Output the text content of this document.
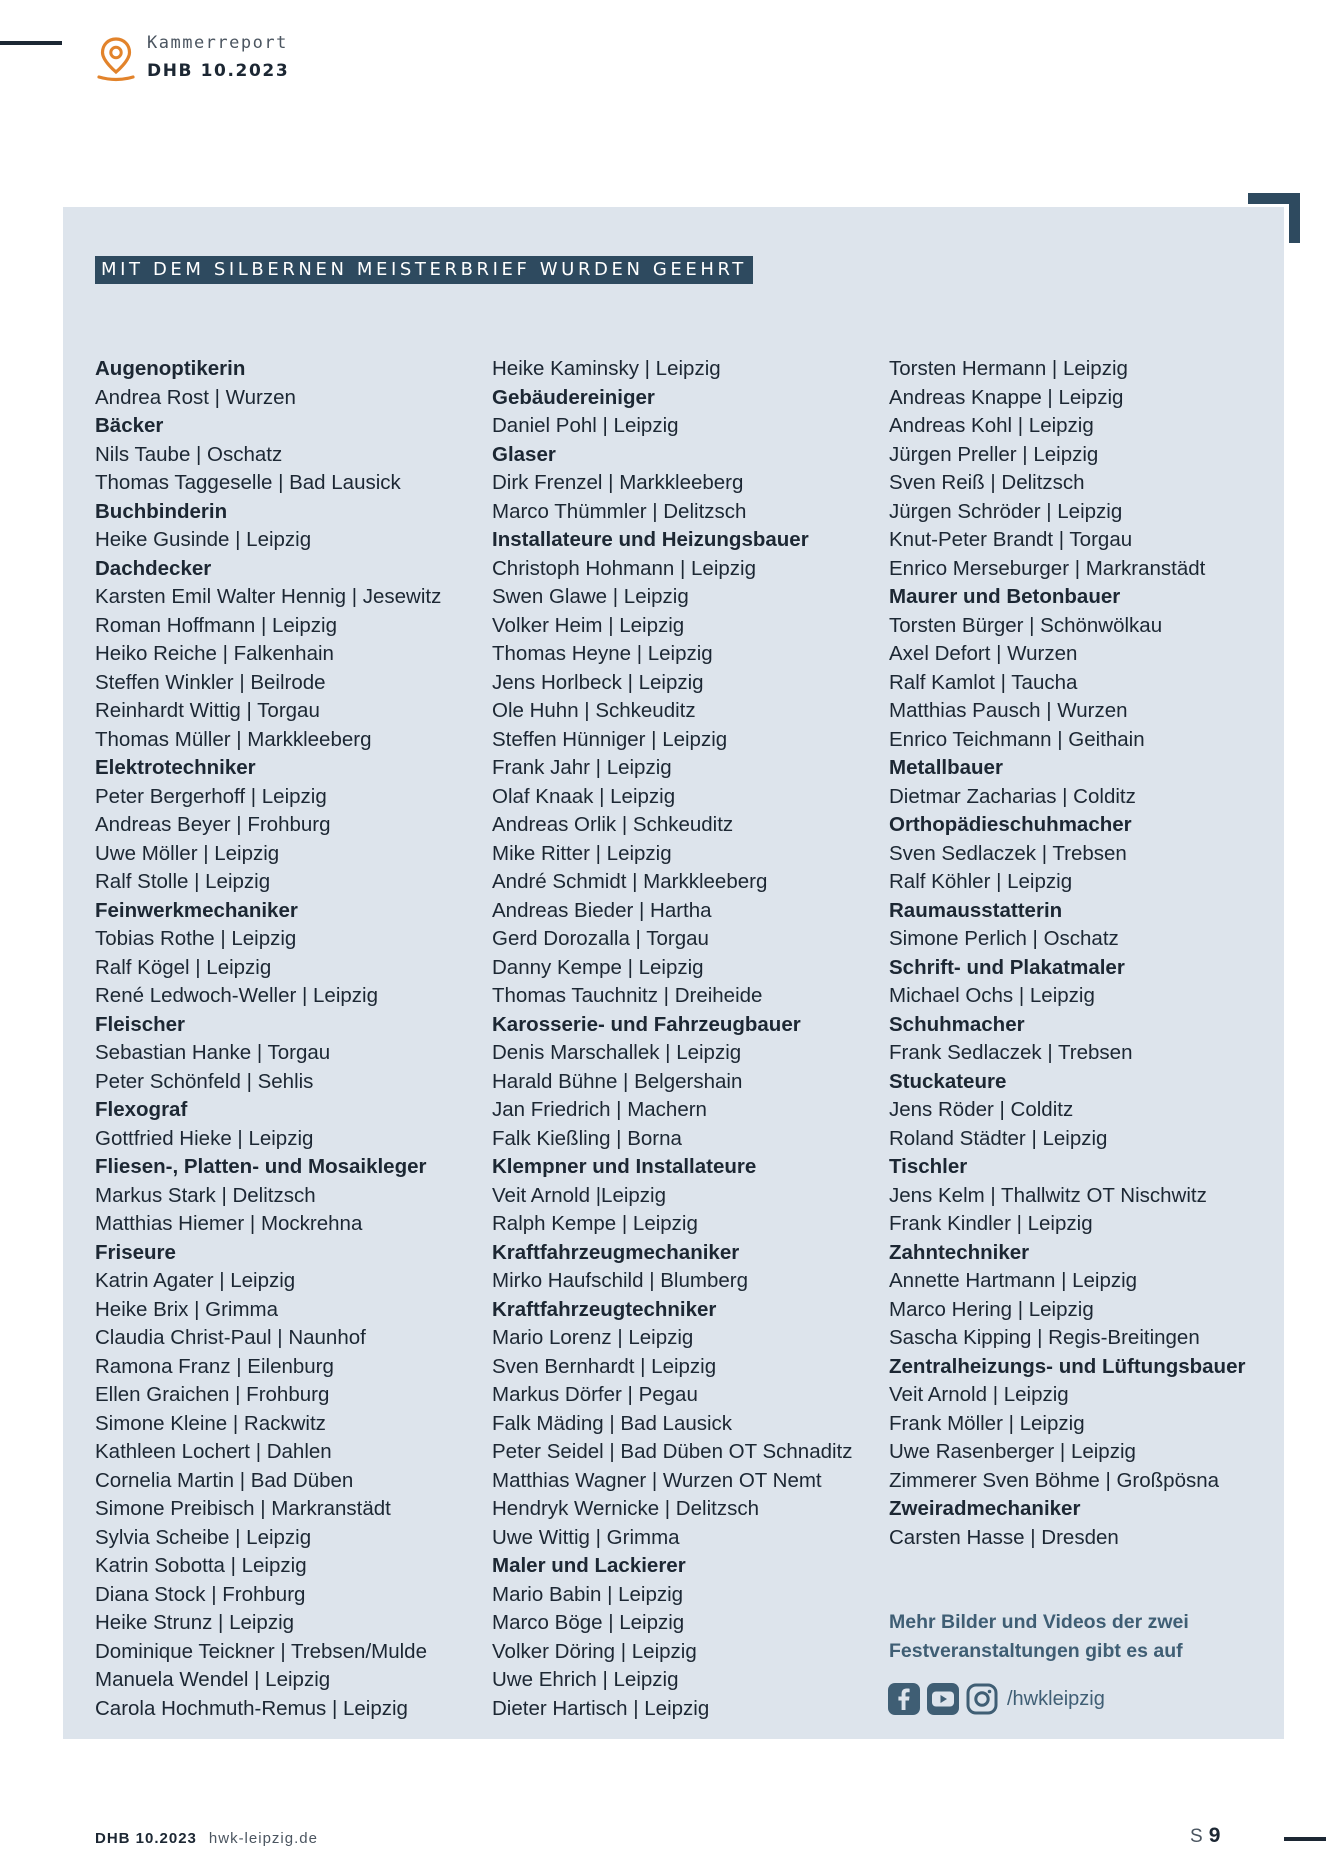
Kammerreport
DHB 10.2023
MIT DEM SILBERNEN MEISTERBRIEF WURDEN GEEHRT
Augenoptikerin
Andrea Rost | Wurzen
Bäcker
Nils Taube | Oschatz
Thomas Taggeselle | Bad Lausick
Buchbinderin
Heike Gusinde | Leipzig
Dachdecker
Karsten Emil Walter Hennig | Jesewitz
Roman Hoffmann | Leipzig
Heiko Reiche | Falkenhain
Steffen Winkler | Beilrode
Reinhardt Wittig | Torgau
Thomas Müller | Markkleeberg
Elektrotechniker
Peter Bergerhoff | Leipzig
Andreas Beyer | Frohburg
Uwe Möller | Leipzig
Ralf Stolle | Leipzig
Feinwerkmechaniker
Tobias Rothe | Leipzig
Ralf Kögel | Leipzig
René Ledwoch-Weller | Leipzig
Fleischer
Sebastian Hanke | Torgau
Peter Schönfeld | Sehlis
Flexograf
Gottfried Hieke | Leipzig
Fliesen-, Platten- und Mosaikleger
Markus Stark | Delitzsch
Matthias Hiemer | Mockrehna
Friseure
Katrin Agater | Leipzig
Heike Brix | Grimma
Claudia Christ-Paul | Naunhof
Ramona Franz | Eilenburg
Ellen Graichen | Frohburg
Simone Kleine | Rackwitz
Kathleen Lochert | Dahlen
Cornelia Martin | Bad Düben
Simone Preibisch | Markranstädt
Sylvia Scheibe | Leipzig
Katrin Sobotta | Leipzig
Diana Stock | Frohburg
Heike Strunz | Leipzig
Dominique Teickner | Trebsen/Mulde
Manuela Wendel | Leipzig
Carola Hochmuth-Remus | Leipzig
Heike Kaminsky | Leipzig
Gebäudereiniger
Daniel Pohl | Leipzig
Glaser
Dirk Frenzel | Markkleeberg
Marco Thümmler | Delitzsch
Installateure und Heizungsbauer
Christoph Hohmann | Leipzig
Swen Glawe | Leipzig
Volker Heim | Leipzig
Thomas Heyne | Leipzig
Jens Horlbeck | Leipzig
Ole Huhn | Schkeuditz
Steffen Hünniger | Leipzig
Frank Jahr | Leipzig
Olaf Knaak | Leipzig
Andreas Orlik | Schkeuditz
Mike Ritter | Leipzig
André Schmidt | Markkleeberg
Andreas Bieder | Hartha
Gerd Dorozalla | Torgau
Danny Kempe | Leipzig
Thomas Tauchnitz | Dreiheide
Karosserie- und Fahrzeugbauer
Denis Marschallek | Leipzig
Harald Bühne | Belgershain
Jan Friedrich | Machern
Falk Kießling | Borna
Klempner und Installateure
Veit Arnold |Leipzig
Ralph Kempe | Leipzig
Kraftfahrzeugmechaniker
Mirko Haufschild | Blumberg
Kraftfahrzeugtechniker
Mario Lorenz | Leipzig
Sven Bernhardt | Leipzig
Markus Dörfer | Pegau
Falk Mäding | Bad Lausick
Peter Seidel | Bad Düben OT Schnaditz
Matthias Wagner | Wurzen OT Nemt
Hendryk Wernicke | Delitzsch
Uwe Wittig | Grimma
Maler und Lackierer
Mario Babin | Leipzig
Marco Böge | Leipzig
Volker Döring | Leipzig
Uwe Ehrich | Leipzig
Dieter Hartisch | Leipzig
Torsten Hermann | Leipzig
Andreas Knappe | Leipzig
Andreas Kohl | Leipzig
Jürgen Preller | Leipzig
Sven Reiß | Delitzsch
Jürgen Schröder | Leipzig
Knut-Peter Brandt | Torgau
Enrico Merseburger | Markranstädt
Maurer und Betonbauer
Torsten Bürger | Schönwölkau
Axel Defort | Wurzen
Ralf Kamlot | Taucha
Matthias Pausch | Wurzen
Enrico Teichmann | Geithain
Metallbauer
Dietmar Zacharias | Colditz
Orthopädieschuhmacher
Sven Sedlaczek | Trebsen
Ralf Köhler | Leipzig
Raumausstatterin
Simone Perlich | Oschatz
Schrift- und Plakatmaler
Michael Ochs | Leipzig
Schuhmacher
Frank Sedlaczek | Trebsen
Stuckateure
Jens Röder | Colditz
Roland Städter | Leipzig
Tischler
Jens Kelm | Thallwitz OT Nischwitz
Frank Kindler | Leipzig
Zahntechniker
Annette Hartmann | Leipzig
Marco Hering | Leipzig
Sascha Kipping | Regis-Breitingen
Zentralheizungs- und Lüftungsbauer
Veit Arnold | Leipzig
Frank Möller | Leipzig
Uwe Rasenberger | Leipzig
Zimmerer Sven Böhme | Großpösna
Zweiradmechaniker
Carsten Hasse | Dresden
Mehr Bilder und Videos der zwei
Festveranstaltungen gibt es auf
/hwkleipzig
DHB 10.2023 hwk-leipzig.de	S 9
